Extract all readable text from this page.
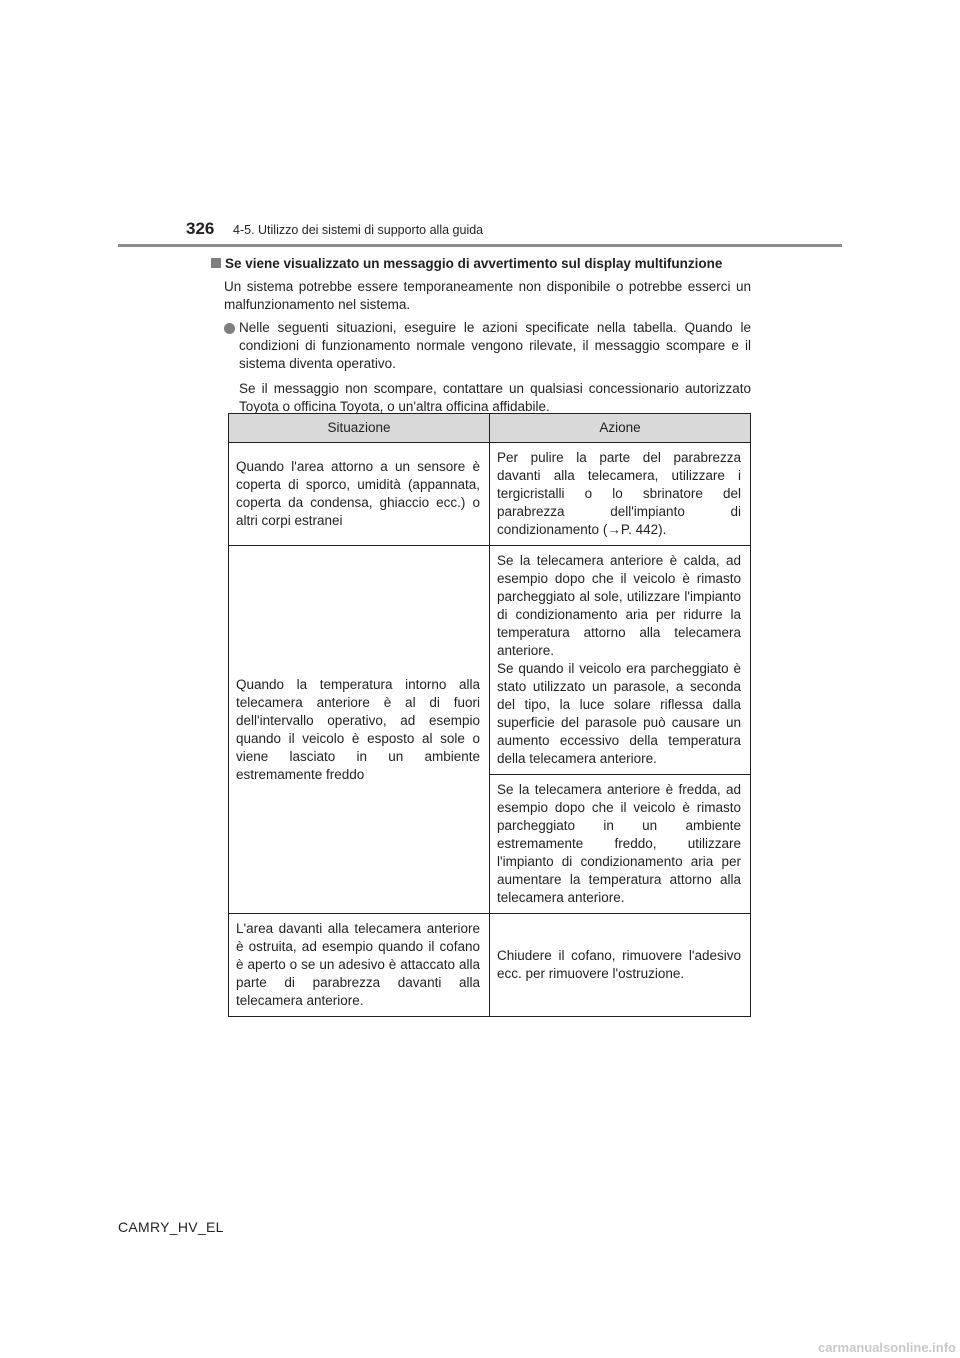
326 4-5. Utilizzo dei sistemi di supporto alla guida
Se viene visualizzato un messaggio di avvertimento sul display multifunzione

Un sistema potrebbe essere temporaneamente non disponibile o potrebbe esserci un malfunzionamento nel sistema.

Nelle seguenti situazioni, eseguire le azioni specificate nella tabella. Quando le condizioni di funzionamento normale vengono rilevate, il messaggio scompare e il sistema diventa operativo.

Se il messaggio non scompare, contattare un qualsiasi concessionario autorizzato Toyota o officina Toyota, o un'altra officina affidabile.

Situazione	Azione
Quando l'area attorno a un sensore è coperta di sporco, umidità (appannata, coperta da condensa, ghiaccio ecc.) o altri corpi estranei	Per pulire la parte del parabrezza davanti alla telecamera, utilizzare i tergicristalli o lo sbrinatore del parabrezza dell'impianto di condizionamento (→P. 442).
Quando la temperatura intorno alla telecamera anteriore è al di fuori dell'intervallo operativo, ad esempio quando il veicolo è esposto al sole o viene lasciato in un ambiente estremamente freddo	Se la telecamera anteriore è calda, ad esempio dopo che il veicolo è rimasto parcheggiato al sole, utilizzare l'impianto di condizionamento aria per ridurre la temperatura attorno alla telecamera anteriore.
Se quando il veicolo era parcheggiato è stato utilizzato un parasole, a seconda del tipo, la luce solare riflessa dalla superficie del parasole può causare un aumento eccessivo della temperatura della telecamera anteriore.

	Se la telecamera anteriore è fredda, ad esempio dopo che il veicolo è rimasto parcheggiato in un ambiente estremamente freddo, utilizzare l'impianto di condizionamento aria per aumentare la temperatura attorno alla telecamera anteriore.
L'area davanti alla telecamera anteriore è ostruita, ad esempio quando il cofano è aperto o se un adesivo è attaccato alla parte di parabrezza davanti alla telecamera anteriore.	Chiudere il cofano, rimuovere l'adesivo ecc. per rimuovere l'ostruzione.
CAMRY_HV_EL
carmanualsonline.info
